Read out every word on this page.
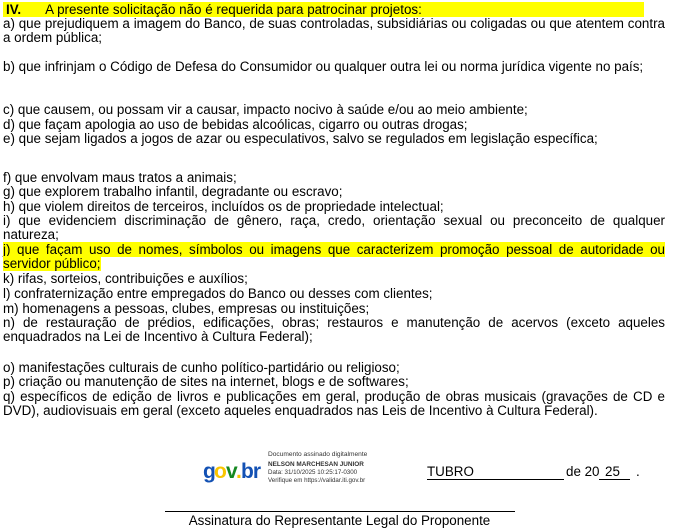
IV. A presente solicitação não é requerida para patrocinar projetos:
a) que prejudiquem a imagem do Banco, de suas controladas, subsidiárias ou coligadas ou que atentem contra a ordem pública;
b) que infrinjam o Código de Defesa do Consumidor ou qualquer outra lei ou norma jurídica vigente no país;
c) que causem, ou possam vir a causar, impacto nocivo à saúde e/ou ao meio ambiente;
d) que façam apologia ao uso de bebidas alcoólicas, cigarro ou outras drogas;
e) que sejam ligados a jogos de azar ou especulativos, salvo se regulados em legislação específica;
f) que envolvam maus tratos a animais;
g) que explorem trabalho infantil, degradante ou escravo;
h) que violem direitos de terceiros, incluídos os de propriedade intelectual;
i) que evidenciem discriminação de gênero, raça, credo, orientação sexual ou preconceito de qualquer natureza;
j) que façam uso de nomes, símbolos ou imagens que caracterizem promoção pessoal de autoridade ou servidor público;
k) rifas, sorteios, contribuições e auxílios;
l) confraternização entre empregados do Banco ou desses com clientes;
m) homenagens a pessoas, clubes, empresas ou instituições;
n) de restauração de prédios, edificações, obras; restauros e manutenção de acervos (exceto aqueles enquadrados na Lei de Incentivo à Cultura Federal);
o) manifestações culturais de cunho político-partidário ou religioso;
p) criação ou manutenção de sites na internet, blogs e de softwares;
q) específicos de edição de livros e publicações em geral, produção de obras musicais (gravações de CD e DVD), audiovisuais em geral (exceto aqueles enquadrados nas Leis de Incentivo à Cultura Federal).
Documento assinado digitalmente
g o v . br NELSON MARCHESAN JUNIOR
Data: 31/10/2025 10:25:17-0300
Verifique em https://validar.iti.gov.br
TUBRO	de 20 25 .
Assinatura do Representante Legal do Proponente
